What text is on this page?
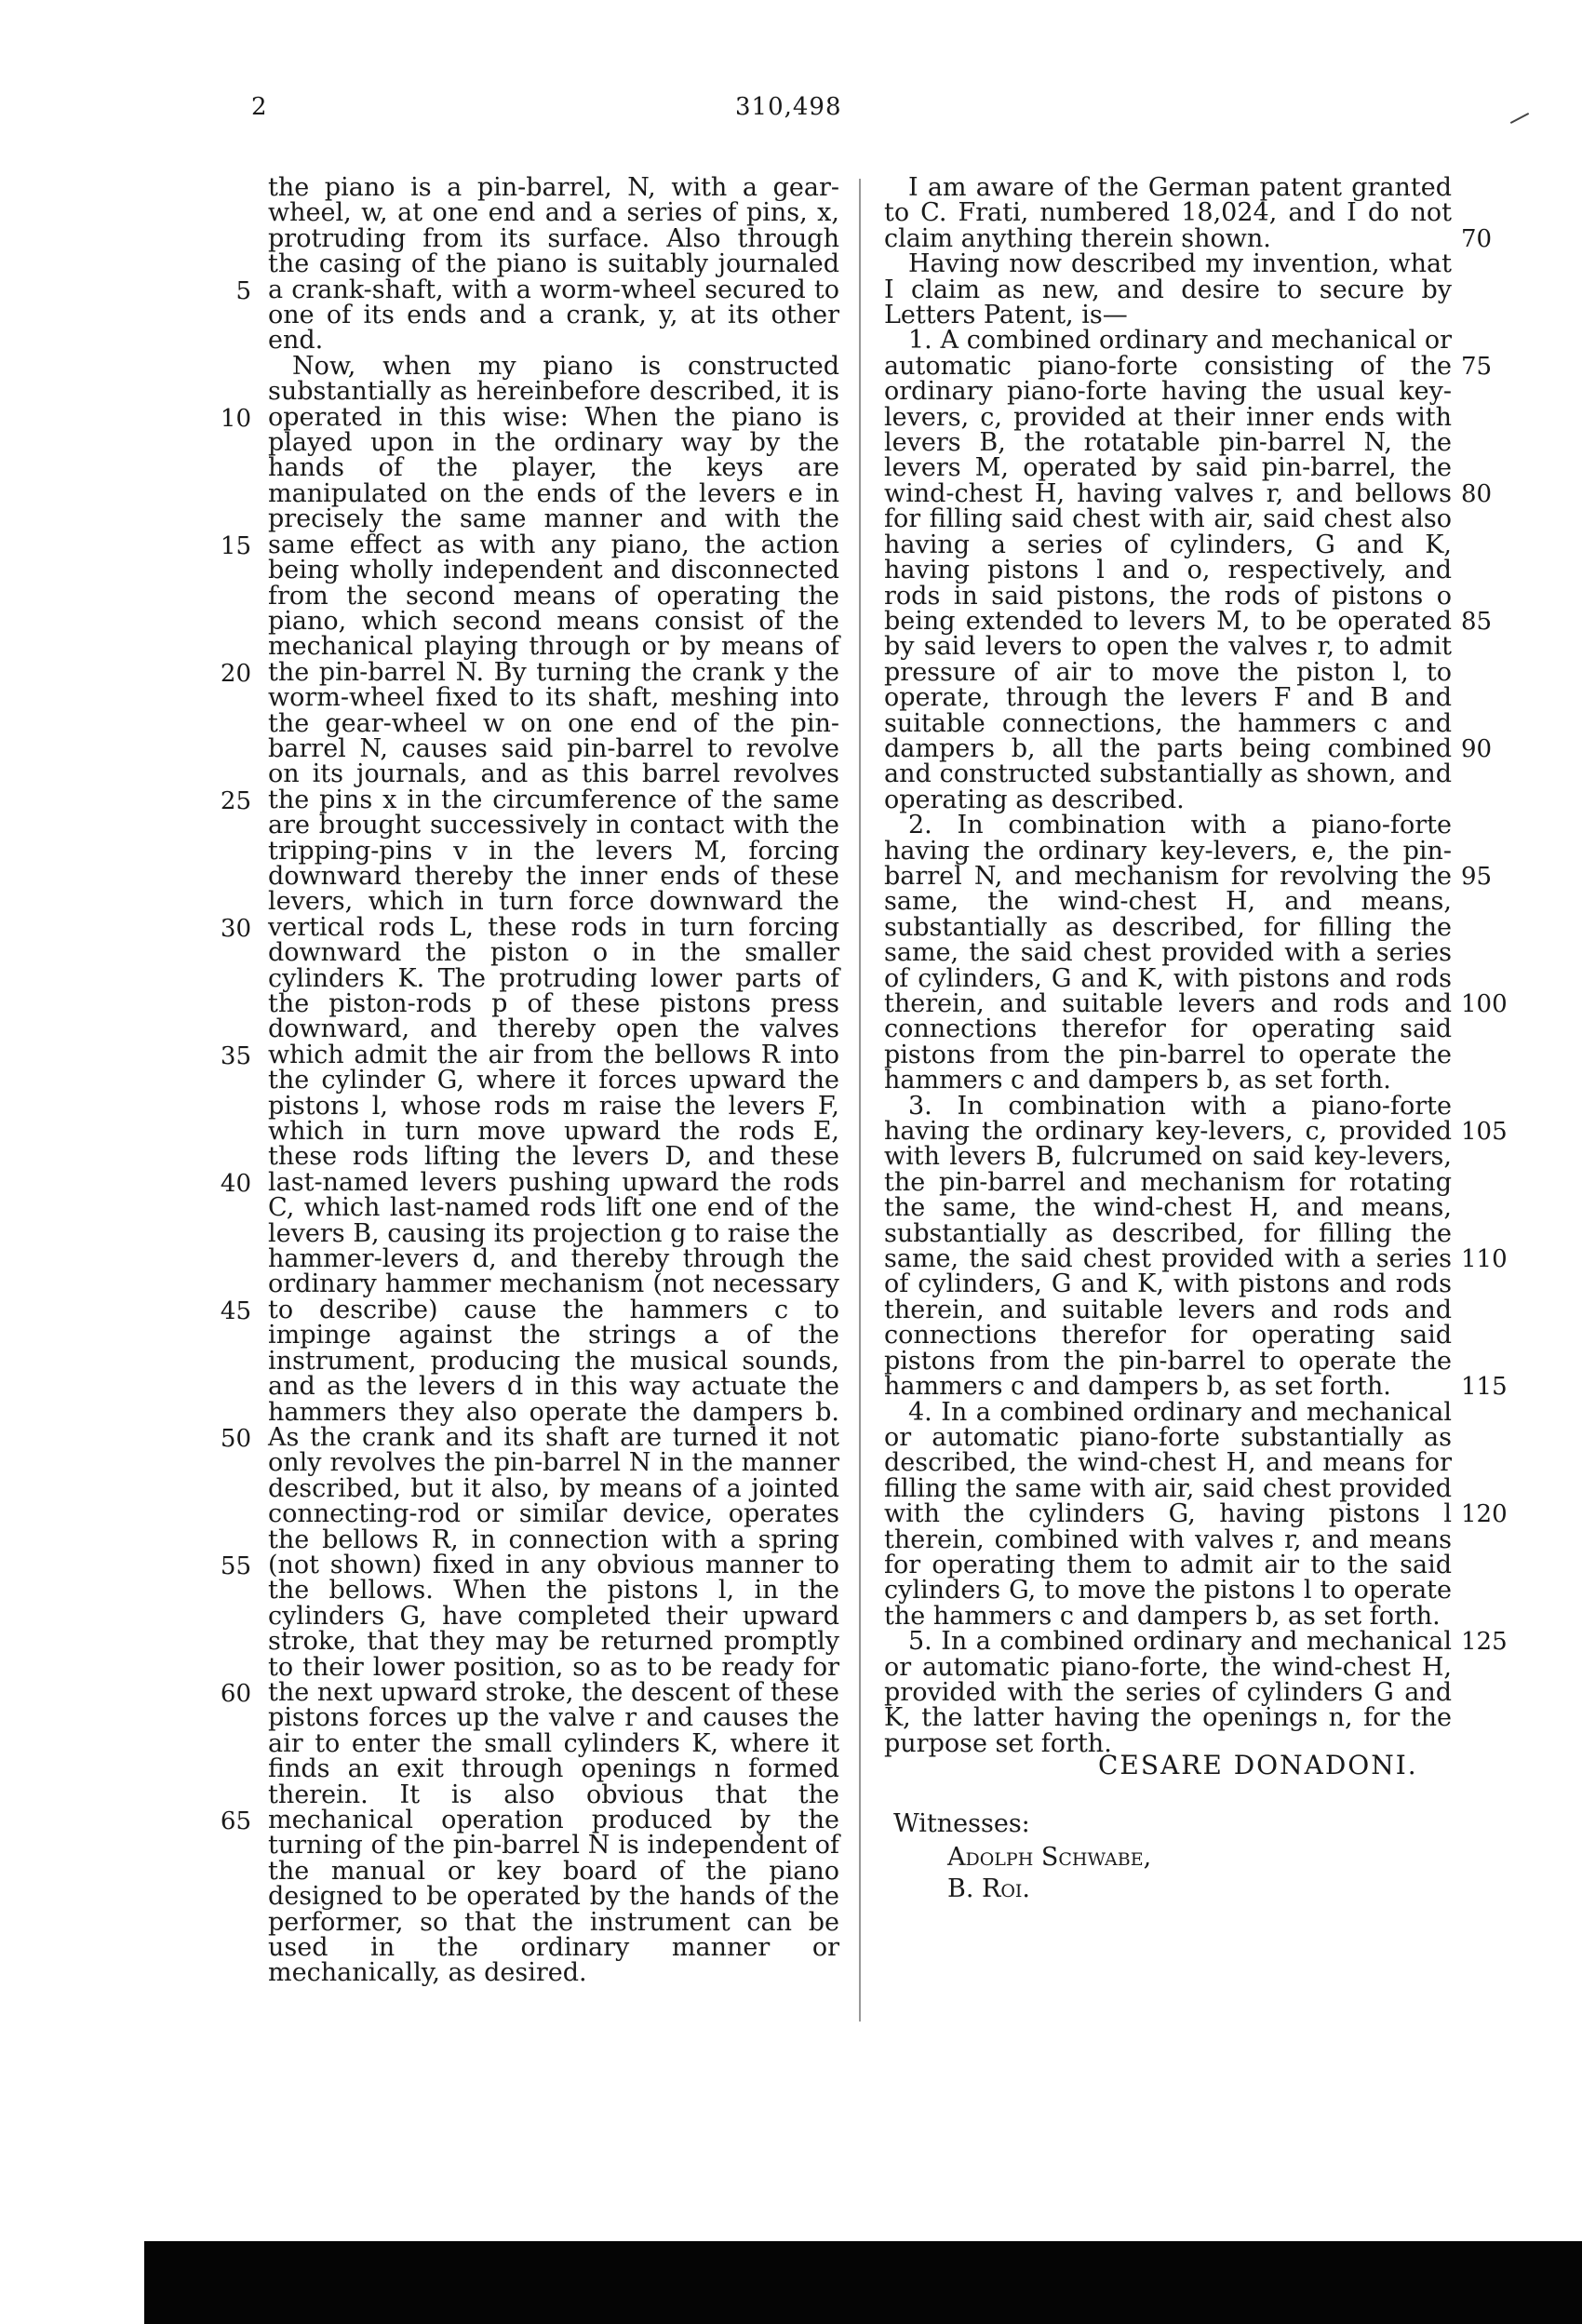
2	310,498

the piano is a pin-barrel, N, with a gear-wheel, w, at one end and a series of pins, x, protruding from its surface. Also through the casing of the piano is suitably journaled a crank-shaft, with a worm-wheel secured to one of its ends and a crank, y, at its other end.

Now, when my piano is constructed substantially as hereinbefore described, it is operated in this wise: When the piano is played upon in the ordinary way by the hands of the player, the keys are manipulated on the ends of the levers e in precisely the same manner and with the same effect as with any piano, the action being wholly independent and disconnected from the second means of operating the piano, which second means consist of the mechanical playing through or by means of the pin-barrel N. By turning the crank y the worm-wheel fixed to its shaft, meshing into the gear-wheel w on one end of the pin-barrel N, causes said pin-barrel to revolve on its journals, and as this barrel revolves the pins x in the circumference of the same are brought successively in contact with the tripping-pins v in the levers M, forcing downward thereby the inner ends of these levers, which in turn force downward the vertical rods L, these rods in turn forcing downward the piston o in the smaller cylinders K. The protruding lower parts of the piston-rods p of these pistons press downward, and thereby open the valves which admit the air from the bellows R into the cylinder G, where it forces upward the pistons l, whose rods m raise the levers F, which in turn move upward the rods E, these rods lifting the levers D, and these last-named levers pushing upward the rods C, which last-named rods lift one end of the levers B, causing its projection g to raise the hammer-levers d, and thereby through the ordinary hammer mechanism (not necessary to describe) cause the hammers c to impinge against the strings a of the instrument, producing the musical sounds, and as the levers d in this way actuate the hammers they also operate the dampers b. As the crank and its shaft are turned it not only revolves the pin-barrel N in the manner described, but it also, by means of a jointed connecting-rod or similar device, operates the bellows R, in connection with a spring (not shown) fixed in any obvious manner to the bellows. When the pistons l, in the cylinders G, have completed their upward stroke, that they may be returned promptly to their lower position, so as to be ready for the next upward stroke, the descent of these pistons forces up the valve r and causes the air to enter the small cylinders K, where it finds an exit through openings n formed therein. It is also obvious that the mechanical operation produced by the turning of the pin-barrel N is independent of the manual or key board of the piano designed to be operated by the hands of the performer, so that the instrument can be used in the ordinary manner or mechanically, as desired.

I am aware of the German patent granted to C. Frati, numbered 18,024, and I do not claim anything therein shown.

Having now described my invention, what I claim as new, and desire to secure by Letters Patent, is—

1. A combined ordinary and mechanical or automatic piano-forte consisting of the ordinary piano-forte having the usual key-levers, c, provided at their inner ends with levers B, the rotatable pin-barrel N, the levers M, operated by said pin-barrel, the wind-chest H, having valves r, and bellows for filling said chest with air, said chest also having a series of cylinders, G and K, having pistons l and o, respectively, and rods in said pistons, the rods of pistons o being extended to levers M, to be operated by said levers to open the valves r, to admit pressure of air to move the piston l, to operate, through the levers F and B and suitable connections, the hammers c and dampers b, all the parts being combined and constructed substantially as shown, and operating as described.

2. In combination with a piano-forte having the ordinary key-levers, e, the pin-barrel N, and mechanism for revolving the same, the wind-chest H, and means, substantially as described, for filling the same, the said chest provided with a series of cylinders, G and K, with pistons and rods therein, and suitable levers and rods and connections therefor for operating said pistons from the pin-barrel to operate the hammers c and dampers b, as set forth.

3. In combination with a piano-forte having the ordinary key-levers, c, provided with levers B, fulcrumed on said key-levers, the pin-barrel and mechanism for rotating the same, the wind-chest H, and means, substantially as described, for filling the same, the said chest provided with a series of cylinders, G and K, with pistons and rods therein, and suitable levers and rods and connections therefor for operating said pistons from the pin-barrel to operate the hammers c and dampers b, as set forth.

4. In a combined ordinary and mechanical or automatic piano-forte substantially as described, the wind-chest H, and means for filling the same with air, said chest provided with the cylinders G, having pistons l therein, combined with valves r, and means for operating them to admit air to the said cylinders G, to move the pistons l to operate the hammers c and dampers b, as set forth.

5. In a combined ordinary and mechanical or automatic piano-forte, the wind-chest H, provided with the series of cylinders G and K, the latter having the openings n, for the purpose set forth.

5
10
15
20
25
30
35
40
45
50
55
60
65
70
75
80
85
90
95
100
105
110
115
120
125
CESARE DONADONI.
Witnesses:
Adolph Schwabe,
B. Roi.
